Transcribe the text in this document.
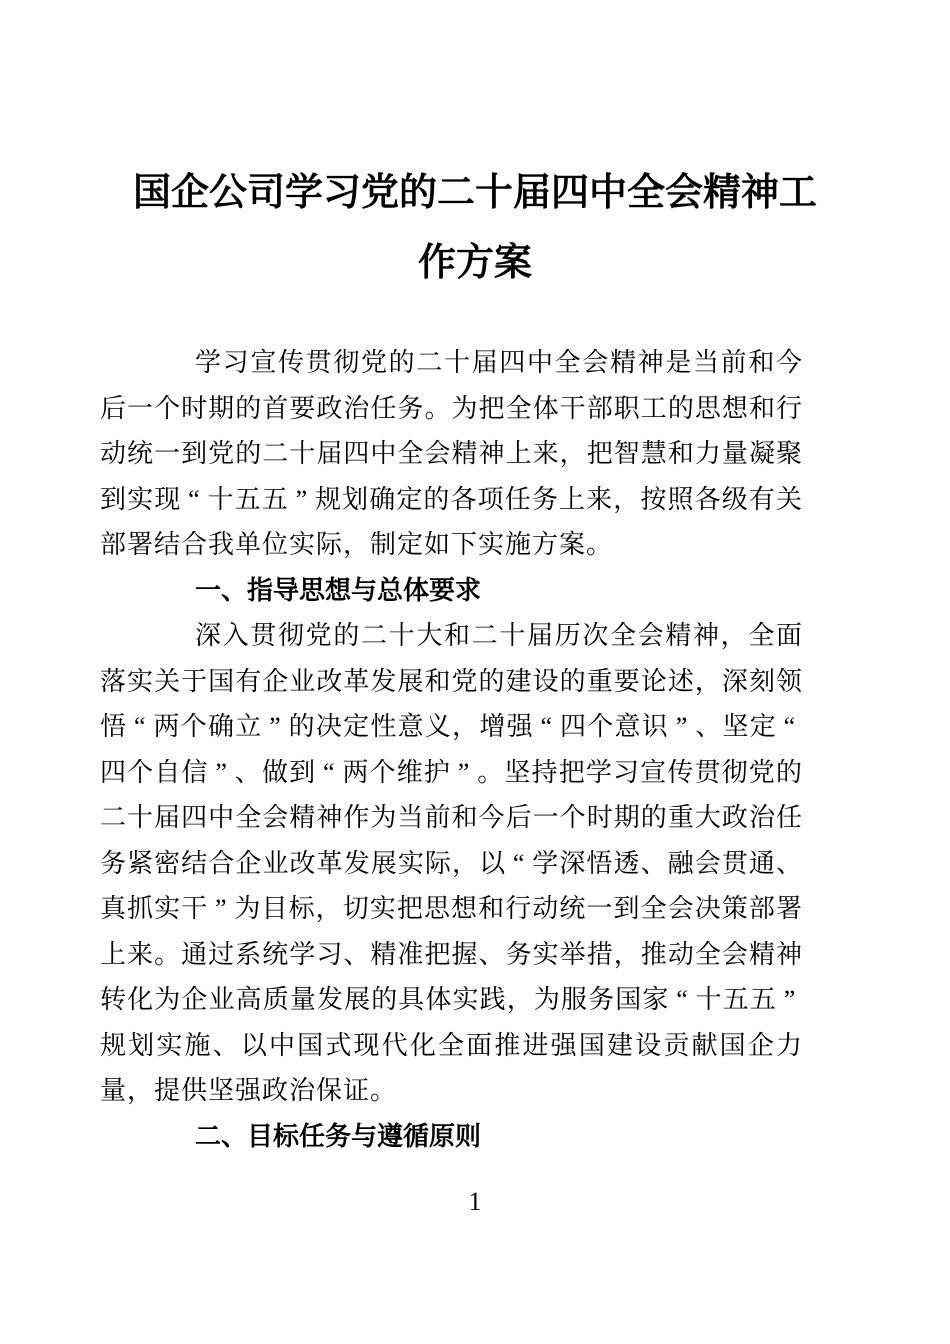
国企公司学习党的二十届四中全会精神工作方案

学习宣传贯彻党的二十届四中全会精神是当前和今后一个时期的首要政治任务。为把全体干部职工的思想和行动统一到党的二十届四中全会精神上来，把智慧和力量凝聚到实现 “ 十五五 ” 规划确定的各项任务上来，按照各级有关部署结合我单位实际，制定如下实施方案。

一、指导思想与总体要求

深入贯彻党的二十大和二十届历次全会精神，全面落实关于国有企业改革发展和党的建设的重要论述，深刻领悟 “ 两个确立 ” 的决定性意义，增强 “ 四个意识 ” 、坚定 “四个自信 ” 、做到 “ 两个维护 ” 。坚持把学习宣传贯彻党的二十届四中全会精神作为当前和今后一个时期的重大政治任务紧密结合企业改革发展实际，以 “ 学深悟透、融会贯通、真抓实干 ” 为目标，切实把思想和行动统一到全会决策部署上来。通过系统学习、精准把握、务实举措，推动全会精神转化为企业高质量发展的具体实践，为服务国家 “ 十五五 ”规划实施、以中国式现代化全面推进强国建设贡献国企力量，提供坚强政治保证。

二、目标任务与遵循原则
1
